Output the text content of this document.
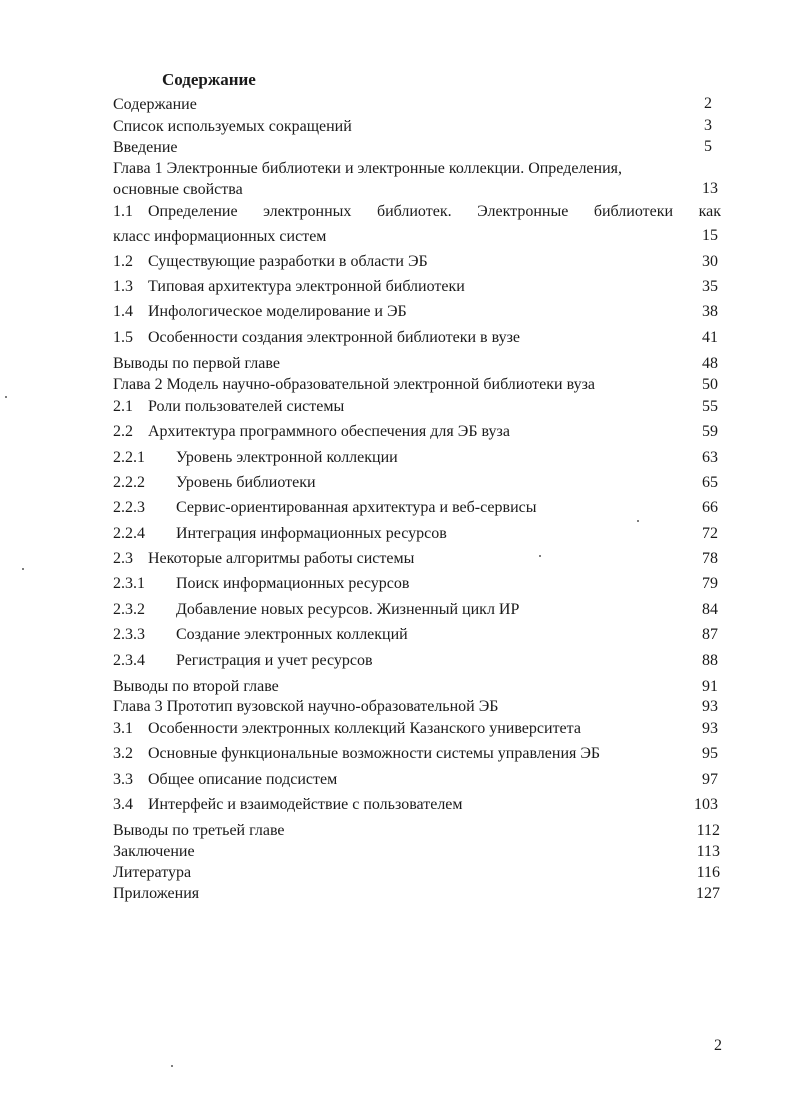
Содержание
Содержание	2
Список используемых сокращений	3
Введение	5
Глава 1 Электронные библиотеки и электронные коллекции. Определения,
основные свойства	13
1.1 Определение электронных библиотек. Электронные библиотеки как
класс информационных систем	15
1.2 Существующие разработки в области ЭБ	30
1.3 Типовая архитектура электронной библиотеки	35
1.4 Инфологическое моделирование и ЭБ	38
1.5 Особенности создания электронной библиотеки в вузе	41
Выводы по первой главе	48
Глава 2 Модель научно-образовательной электронной библиотеки вуза	50
2.1 Роли пользователей системы	55
2.2 Архитектура программного обеспечения для ЭБ вуза	59
2.2.1	Уровень электронной коллекции	63
2.2.2	Уровень библиотеки	65
2.2.3	Сервис-ориентированная архитектура и веб-сервисы	66
2.2.4	Интеграция информационных ресурсов	72
2.3 Некоторые алгоритмы работы системы	78
2.3.1	Поиск информационных ресурсов	79
2.3.2	Добавление новых ресурсов. Жизненный цикл ИР	84
2.3.3	Создание электронных коллекций	87
2.3.4	Регистрация и учет ресурсов	88
Выводы по второй главе	91
Глава 3 Прототип вузовской научно-образовательной ЭБ	93
3.1 Особенности электронных коллекций Казанского университета	93
3.2 Основные функциональные возможности системы управления ЭБ	95
3.3 Общее описание подсистем	97
3.4 Интерфейс и взаимодействие с пользователем	103
Выводы по третьей главе	112
Заключение	113
Литература	116
Приложения	127
2
